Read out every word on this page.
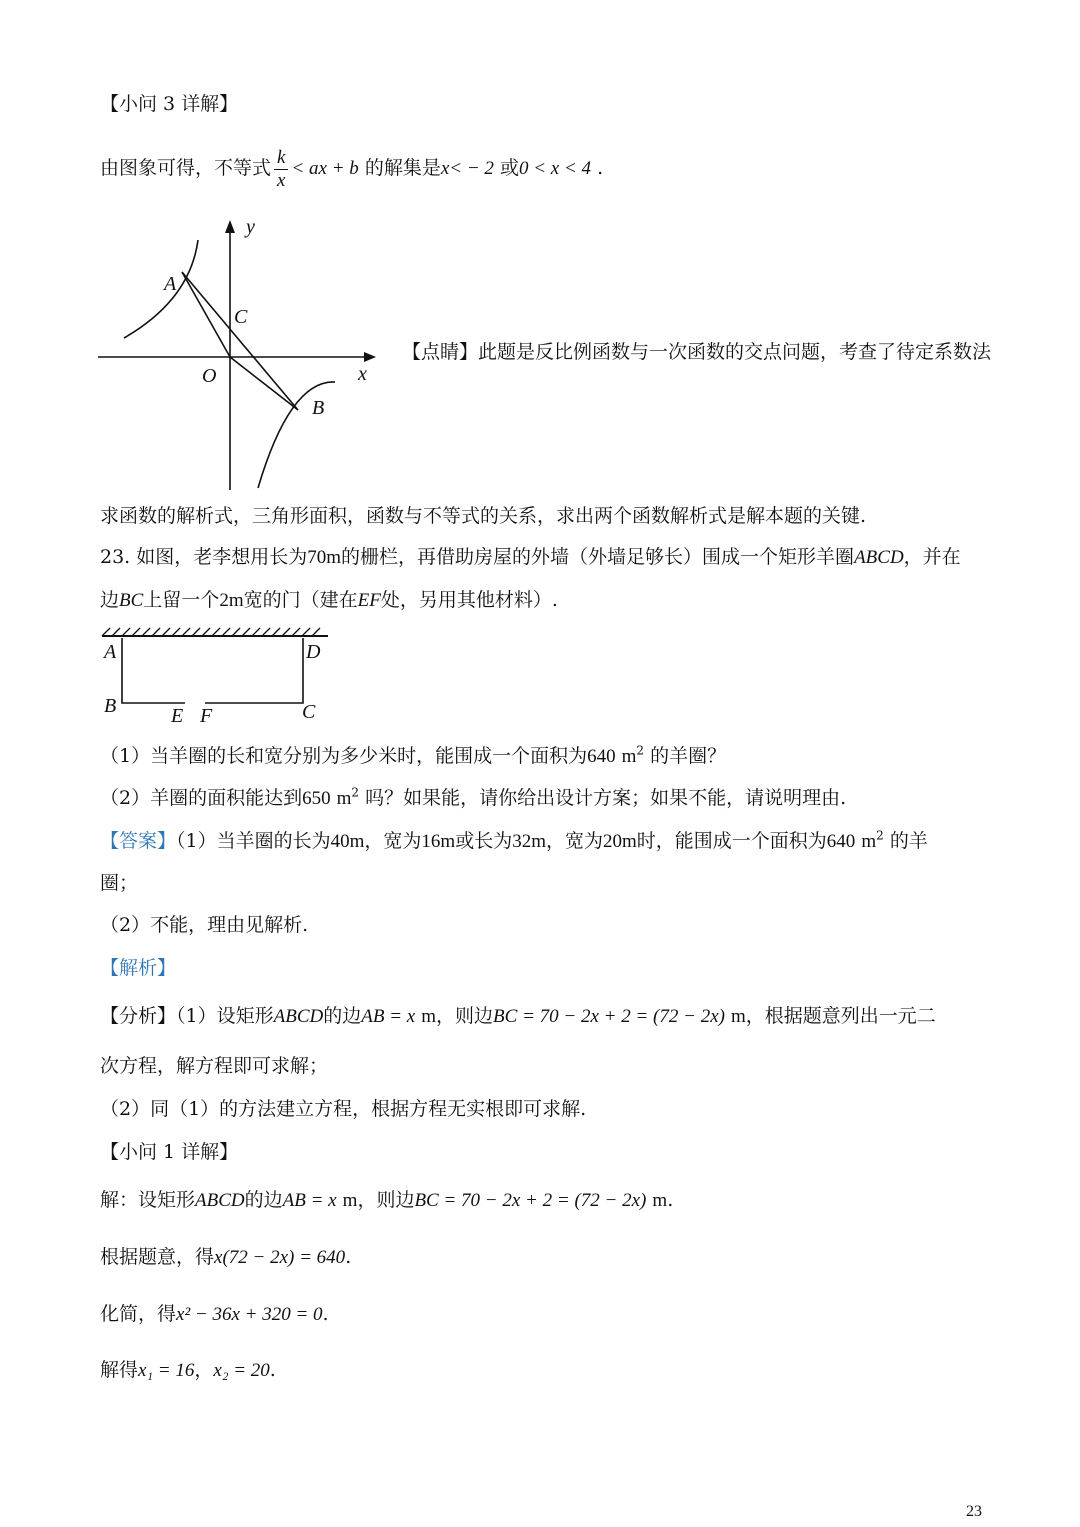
【小问 3 详解】
由图象可得，不等式 $\frac{k}{x}$ < ax + b 的解集是x< − 2 或0 < x < 4 .
y
x
O
A
C
B
【点睛】此题是反比例函数与一次函数的交点问题，考查了待定系数法
求函数的解析式，三角形面积，函数与不等式的关系，求出两个函数解析式是解本题的关键.
23. 如图，老李想用长为70m的栅栏，再借助房屋的外墙（外墙足够长）围成一个矩形羊圈ABCD，并在
边BC上留一个2m宽的门（建在EF处，另用其他材料）.
A	D
B	C
E F
（1）当羊圈的长和宽分别为多少米时，能围成一个面积为640 $m^2$ 的羊圈？
（2）羊圈的面积能达到650 $m^2$ 吗？如果能，请你给出设计方案；如果不能，请说明理由.
【答案】（1）当羊圈的长为40m，宽为16m或长为32m，宽为20m时，能围成一个面积为640 $m^2$ 的羊
圈；
（2）不能，理由见解析.
【解析】
【分析】（1）设矩形ABCD的边AB = x m，则边BC = 70 − 2x + 2 = (72 − 2x) m，根据题意列出一元二
次方程，解方程即可求解；
（2）同（1）的方法建立方程，根据方程无实根即可求解.
【小问 1 详解】
解：设矩形ABCD的边AB = x m，则边BC = 70 − 2x + 2 = (72 − 2x) m.
根据题意，得x(72 − 2x) = 640.
化简，得x² − 36x + 320 = 0.
解得x₁ = 16，x₂ = 20.
23
